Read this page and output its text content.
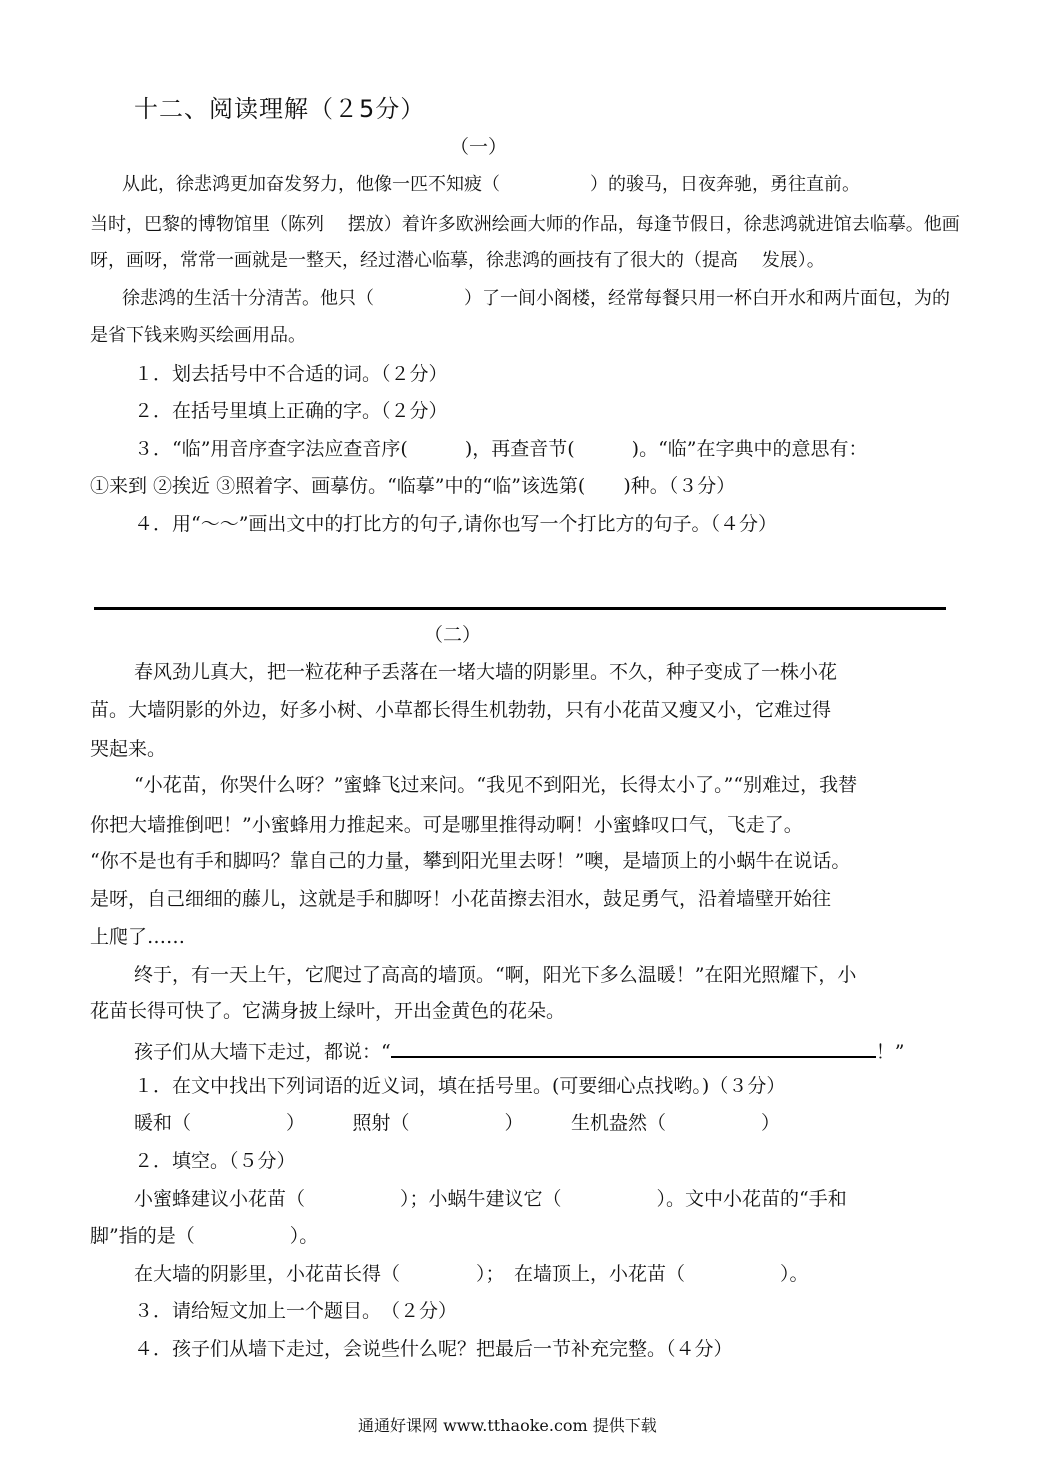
十二、阅读理解（２5分）
（一）
从此，徐悲鸿更加奋发努力，他像一匹不知疲（　　　　　）的骏马，日夜奔驰，勇往直前。
当时，巴黎的博物馆里（陈列　 摆放）着许多欧洲绘画大师的作品，每逢节假日，徐悲鸿就进馆去临摹。他画
呀，画呀，常常一画就是一整天，经过潜心临摹，徐悲鸿的画技有了很大的（提高　 发展）。
徐悲鸿的生活十分清苦。他只（　　　　　）了一间小阁楼，经常每餐只用一杯白开水和两片面包，为的
是省下钱来购买绘画用品。
１．划去括号中不合适的词。（２分）
２．在括号里填上正确的字。（２分）
３．“临”用音序查字法应查音序(　　　)，再查音节(　　　)。“临”在字典中的意思有：
①来到 ②挨近 ③照着字、画摹仿。“临摹”中的“临”该选第(　　)种。（３分）
４．用“～～”画出文中的打比方的句子,请你也写一个打比方的句子。（４分）
（二）
春风劲儿真大，把一粒花种子丢落在一堵大墙的阴影里。不久，种子变成了一株小花
苗。大墙阴影的外边，好多小树、小草都长得生机勃勃，只有小花苗又瘦又小，它难过得
哭起来。
“小花苗，你哭什么呀？”蜜蜂飞过来问。“我见不到阳光，长得太小了。”“别难过，我替
你把大墙推倒吧！”小蜜蜂用力推起来。可是哪里推得动啊！小蜜蜂叹口气，飞走了。
“你不是也有手和脚吗？靠自己的力量，攀到阳光里去呀！”噢，是墙顶上的小蜗牛在说话。
是呀，自己细细的藤儿，这就是手和脚呀！小花苗擦去泪水，鼓足勇气，沿着墙壁开始往
上爬了……
终于，有一天上午，它爬过了高高的墙顶。“啊，阳光下多么温暖！”在阳光照耀下，小
花苗长得可快了。它满身披上绿叶，开出金黄色的花朵。
孩子们从大墙下走过，都说：“	！”
１．在文中找出下列词语的近义词，填在括号里。(可要细心点找哟。)（３分）
暖和（　　　　　）　　　照射（　　　　　）　　　生机盎然（　　　　　）
２．填空。（５分）
小蜜蜂建议小花苗（　　　　　）；小蜗牛建议它（　　　　　）。文中小花苗的“手和
脚”指的是（　　　　　）。
在大墙的阴影里，小花苗长得（　　　　）；　在墙顶上，小花苗（　　　　　）。
３．请给短文加上一个题目。　（２分）
４．孩子们从墙下走过，会说些什么呢？把最后一节补充完整。（４分）
通通好课网 www.tthaoke.com 提供下载
